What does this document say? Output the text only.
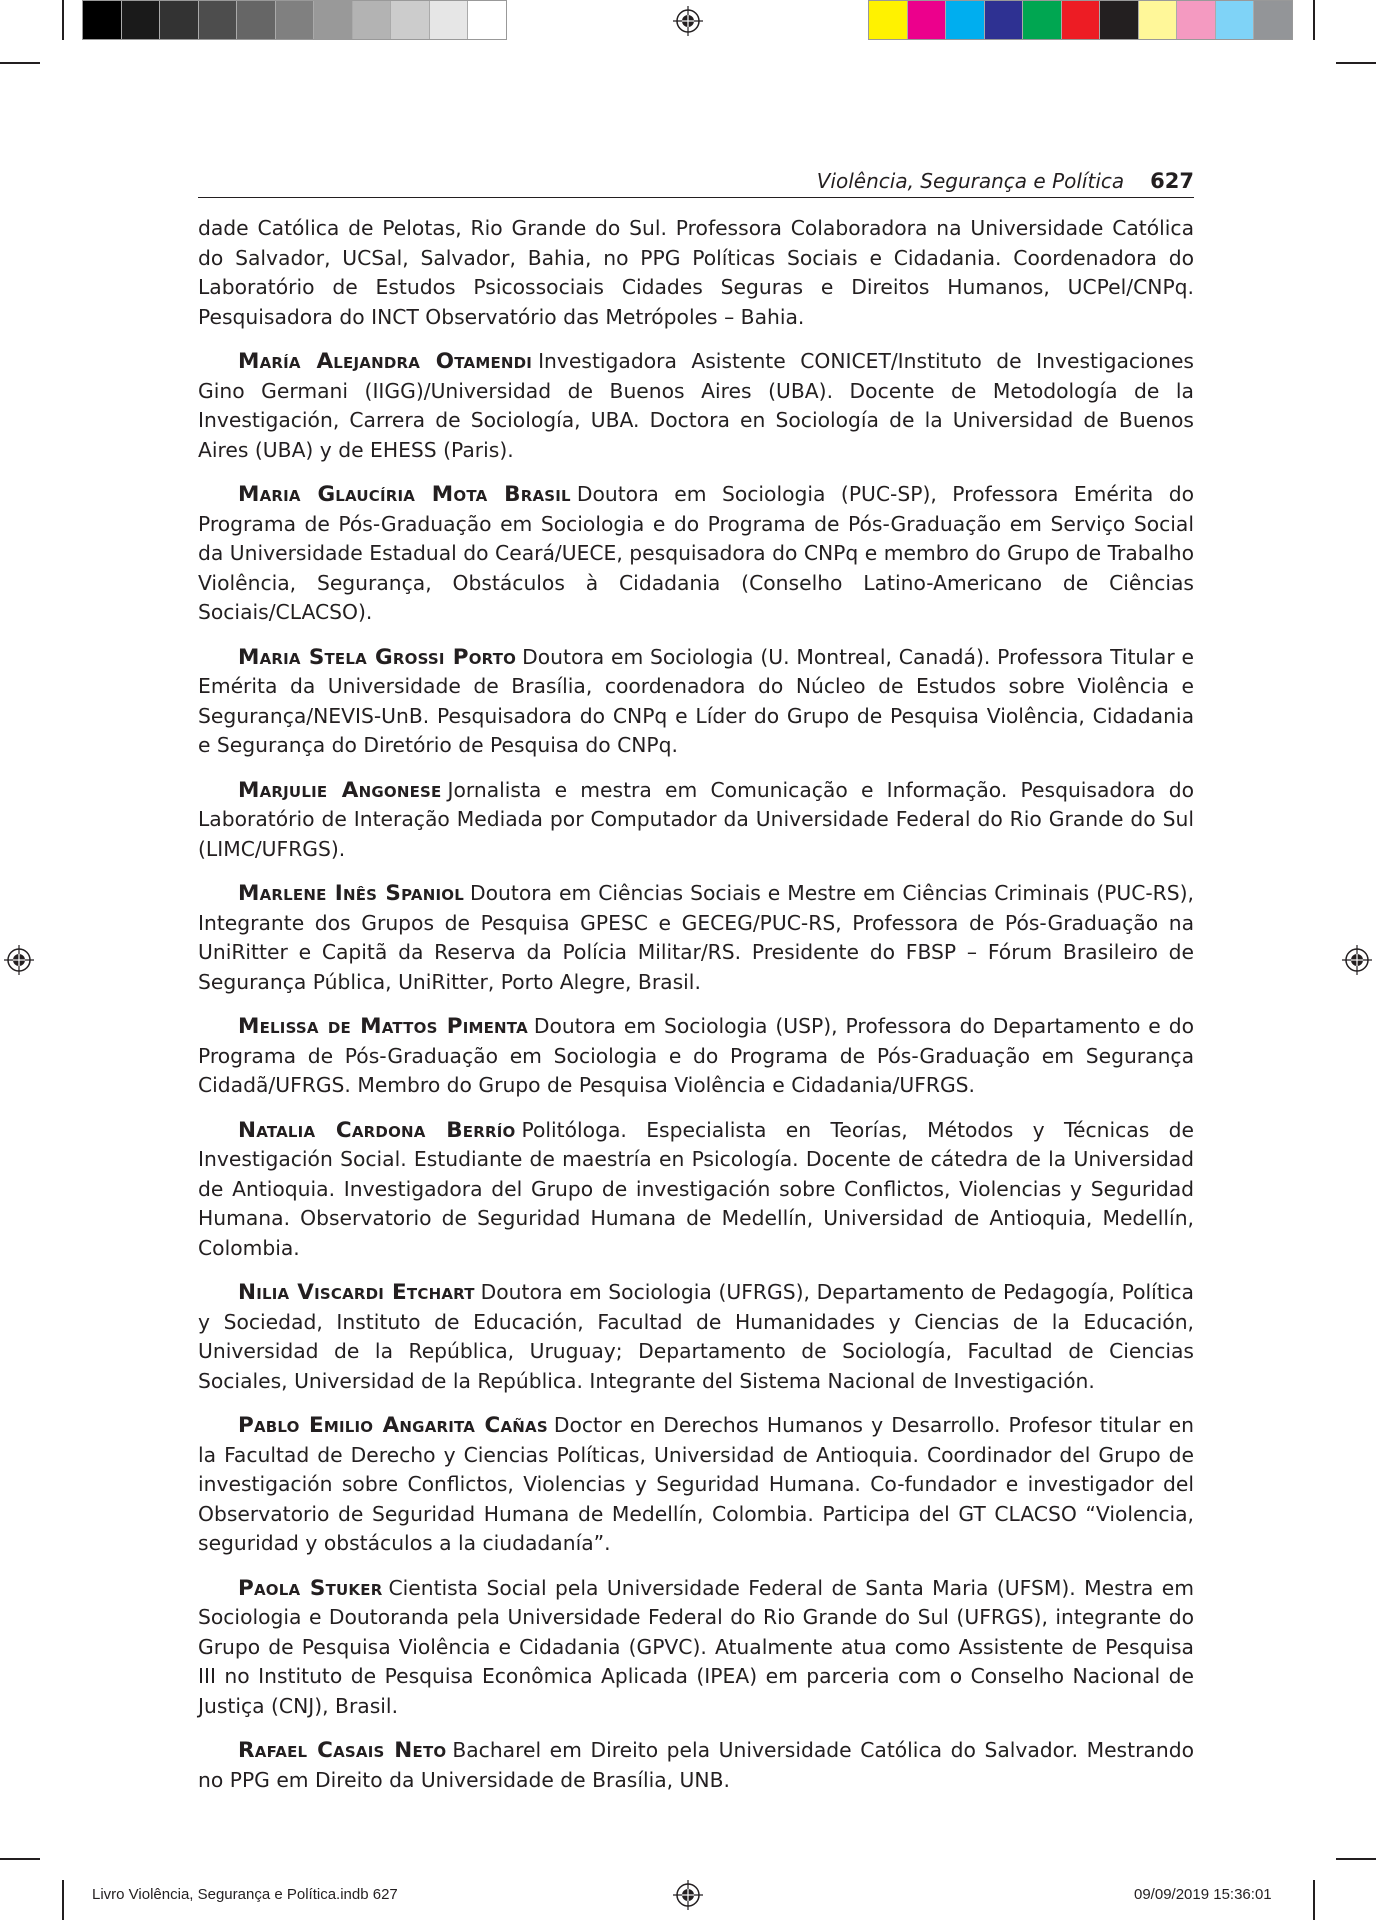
Violência, Segurança e Política 627

dade Católica de Pelotas, Rio Grande do Sul. Professora Colaboradora na Universidade Católica do Salvador, UCSal, Salvador, Bahia, no PPG Políticas Sociais e Cidadania. Coordenadora do Laboratório de Estudos Psicossociais Cidades Seguras e Direitos Humanos, UCPel/CNPq. Pesquisadora do INCT Observatório das Metrópoles – Bahia.

María Alejandra Otamendi Investigadora Asistente CONICET/Instituto de Investigaciones Gino Germani (IIGG)/Universidad de Buenos Aires (UBA). Docente de Metodología de la Investigación, Carrera de Sociología, UBA. Doctora en Sociología de la Universidad de Buenos Aires (UBA) y de EHESS (Paris).

Maria Glaucíria Mota Brasil Doutora em Sociologia (PUC-SP), Professora Emérita do Programa de Pós-Graduação em Sociologia e do Programa de Pós-Graduação em Serviço Social da Universidade Estadual do Ceará/UECE, pesquisadora do CNPq e membro do Grupo de Trabalho Violência, Segurança, Obstáculos à Cidadania (Conselho Latino-Americano de Ciências Sociais/CLACSO).

Maria Stela Grossi Porto Doutora em Sociologia (U. Montreal, Canadá). Professora Titular e Emérita da Universidade de Brasília, coordenadora do Núcleo de Estudos sobre Violência e Segurança/NEVIS-UnB. Pesquisadora do CNPq e Líder do Grupo de Pesquisa Violência, Cidadania e Segurança do Diretório de Pesquisa do CNPq.

Marjulie Angonese Jornalista e mestra em Comunicação e Informação. Pesquisadora do Laboratório de Interação Mediada por Computador da Universidade Federal do Rio Grande do Sul (LIMC/UFRGS).

Marlene Inês Spaniol Doutora em Ciências Sociais e Mestre em Ciências Criminais (PUC-RS), Integrante dos Grupos de Pesquisa GPESC e GECEG/PUC-RS, Professora de Pós-Graduação na UniRitter e Capitã da Reserva da Polícia Militar/RS. Presidente do FBSP – Fórum Brasileiro de Segurança Pública, UniRitter, Porto Alegre, Brasil.

Melissa de Mattos Pimenta Doutora em Sociologia (USP), Professora do Departamento e do Programa de Pós-Graduação em Sociologia e do Programa de Pós-Graduação em Segurança Cidadã/UFRGS. Membro do Grupo de Pesquisa Violência e Cidadania/UFRGS.

Natalia Cardona Berrío Politóloga. Especialista en Teorías, Métodos y Técnicas de Investigación Social. Estudiante de maestría en Psicología. Docente de cátedra de la Universidad de Antioquia. Investigadora del Grupo de investigación sobre Conflictos, Violencias y Seguridad Humana. Observatorio de Seguridad Humana de Medellín, Universidad de Antioquia, Medellín, Colombia.

Nilia Viscardi Etchart Doutora em Sociologia (UFRGS), Departamento de Pedagogía, Política y Sociedad, Instituto de Educación, Facultad de Humanidades y Ciencias de la Educación, Universidad de la República, Uruguay; Departamento de Sociología, Facultad de Ciencias Sociales, Universidad de la República. Integrante del Sistema Nacional de Investigación.

Pablo Emilio Angarita Cañas Doctor en Derechos Humanos y Desarrollo. Profesor titular en la Facultad de Derecho y Ciencias Políticas, Universidad de Antioquia. Coordinador del Grupo de investigación sobre Conflictos, Violencias y Seguridad Humana. Co-fundador e investigador del Observatorio de Seguridad Humana de Medellín, Colombia. Participa del GT CLACSO “Violencia, seguridad y obstáculos a la ciudadanía”.

Paola Stuker Cientista Social pela Universidade Federal de Santa Maria (UFSM). Mestra em Sociologia e Doutoranda pela Universidade Federal do Rio Grande do Sul (UFRGS), integrante do Grupo de Pesquisa Violência e Cidadania (GPVC). Atualmente atua como Assistente de Pesquisa III no Instituto de Pesquisa Econômica Aplicada (IPEA) em parceria com o Conselho Nacional de Justiça (CNJ), Brasil.

Rafael Casais Neto Bacharel em Direito pela Universidade Católica do Salvador. Mestrando no PPG em Direito da Universidade de Brasília, UNB.

Livro Violência, Segurança e Política.indb 627	09/09/2019 15:36:01
